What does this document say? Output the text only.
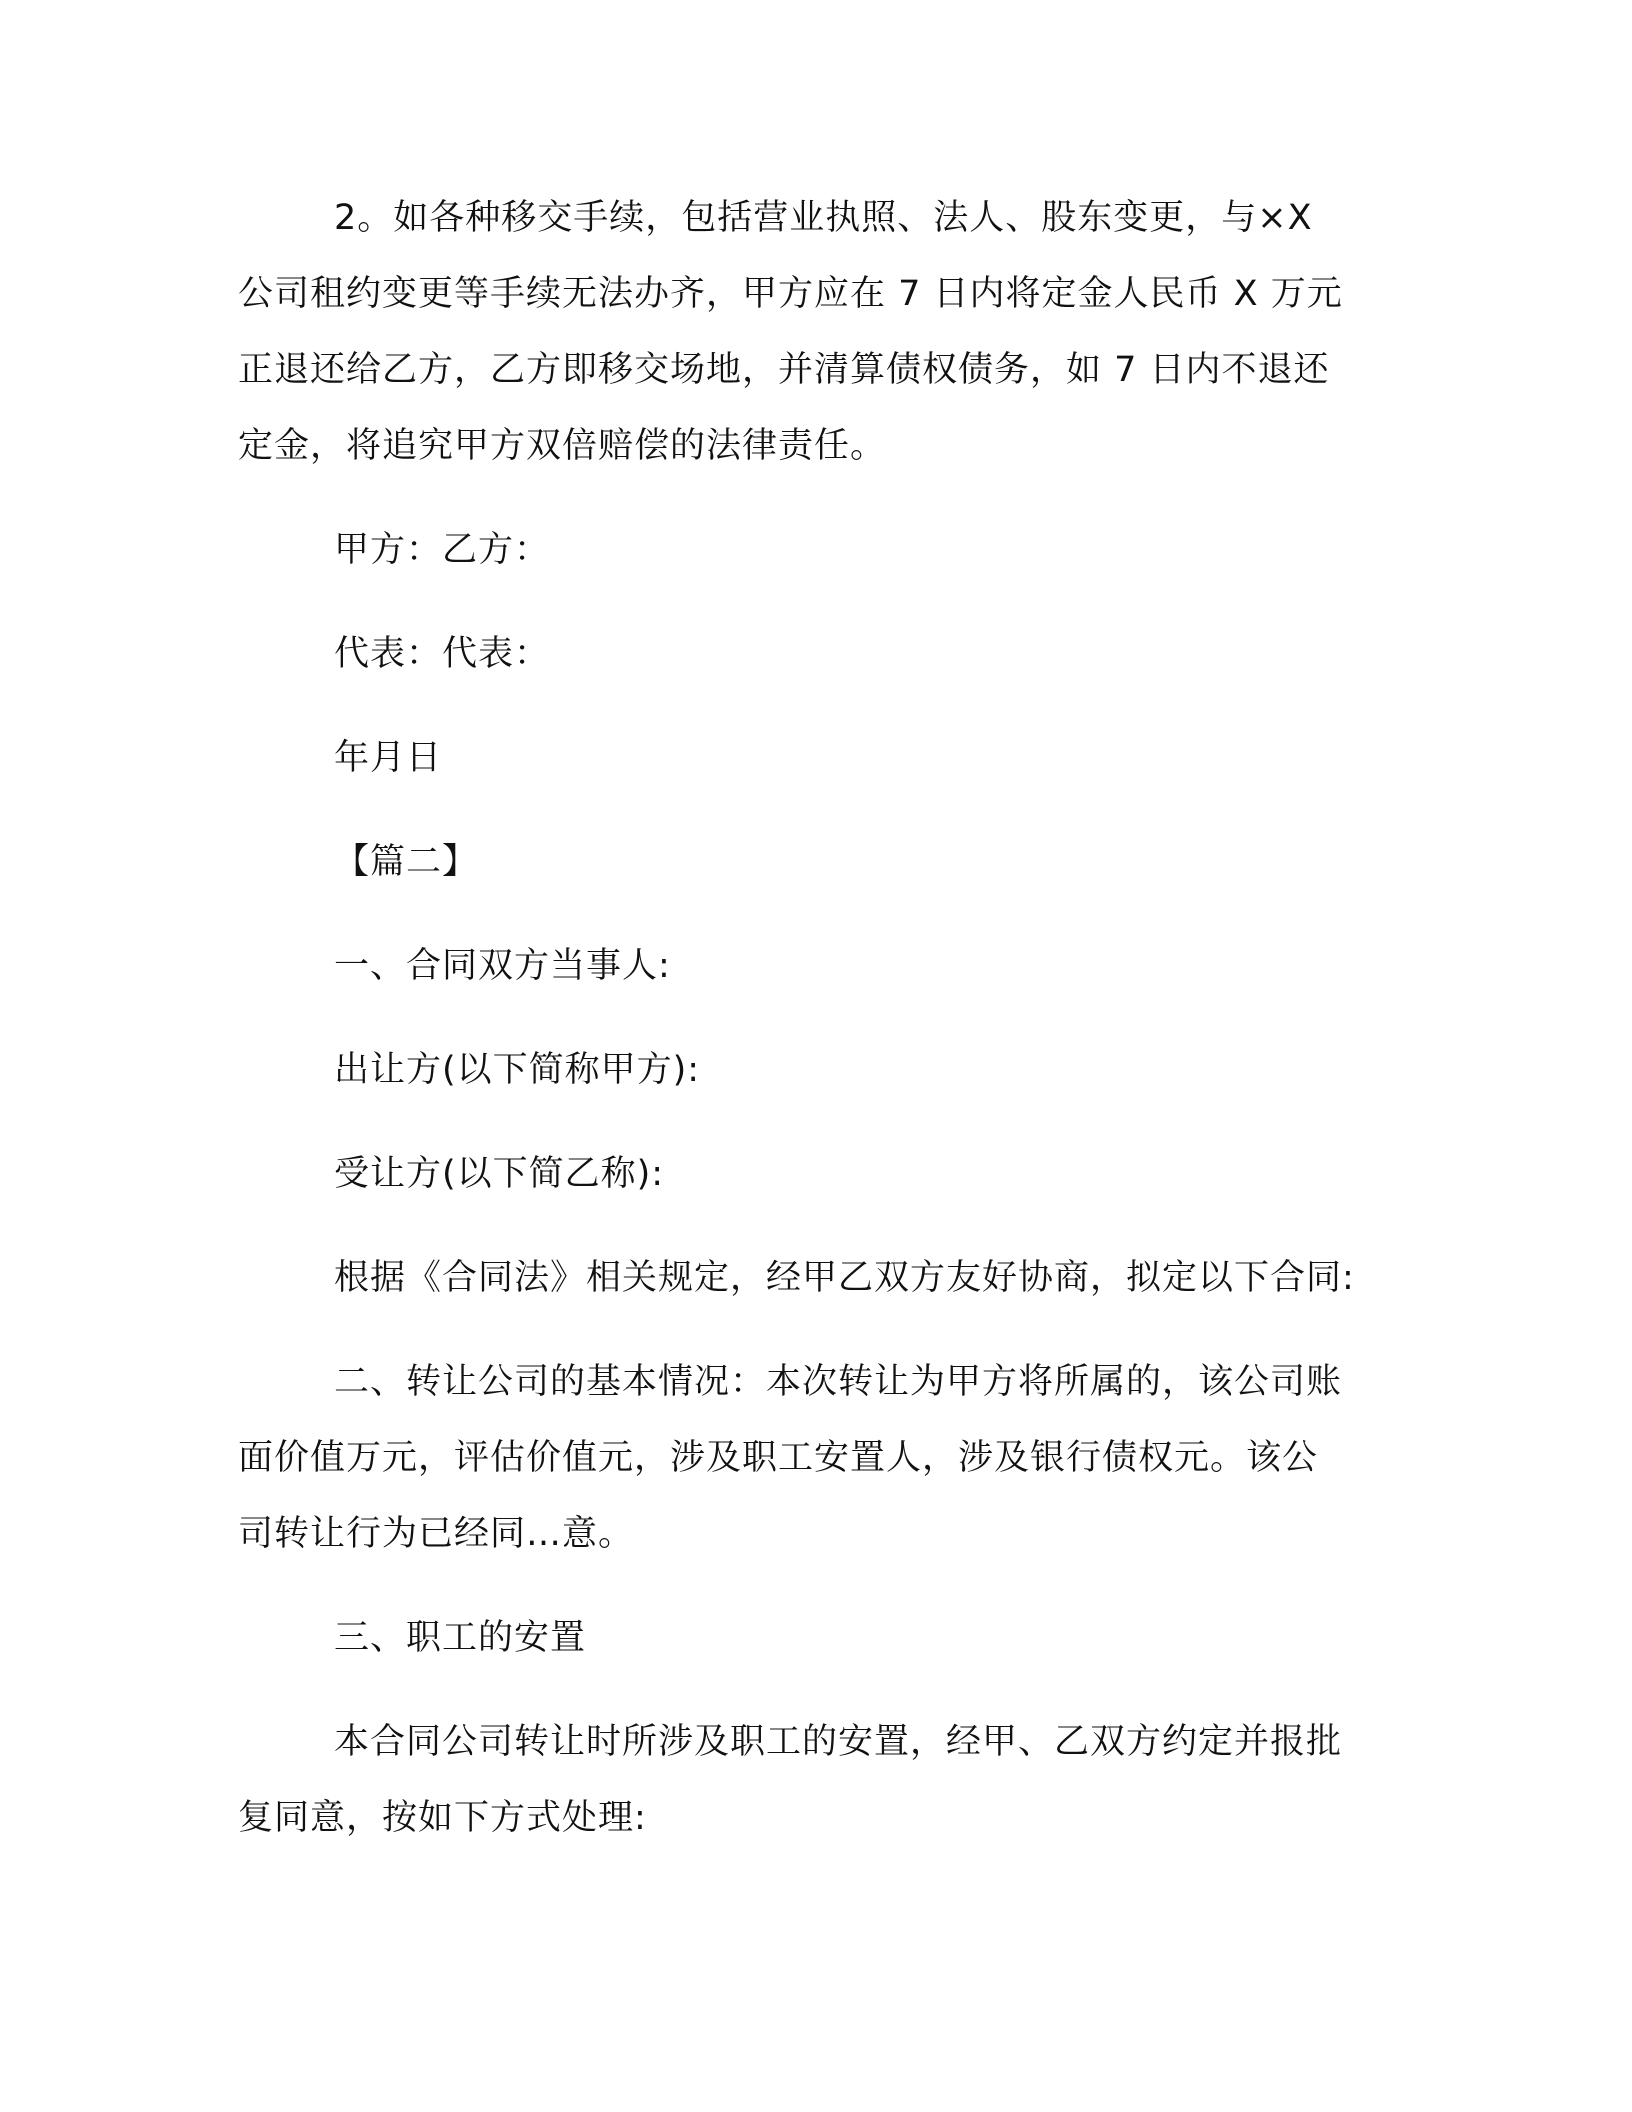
2。如各种移交手续，包括营业执照、法人、股东变更，与×X
公司租约变更等手续无法办齐，甲方应在 7 日内将定金人民币 X 万元
正退还给乙方，乙方即移交场地，并清算债权债务，如 7 日内不退还
定金，将追究甲方双倍赔偿的法律责任。
甲方：乙方：
代表：代表：
年月日
【篇二】
一、合同双方当事人:
出让方(以下简称甲方):
受让方(以下简乙称):
根据《合同法》相关规定，经甲乙双方友好协商，拟定以下合同:
二、转让公司的基本情况：本次转让为甲方将所属的，该公司账
面价值万元，评估价值元，涉及职工安置人，涉及银行债权元。该公
司转让行为已经同…意。
三、职工的安置
本合同公司转让时所涉及职工的安置，经甲、乙双方约定并报批
复同意，按如下方式处理:
